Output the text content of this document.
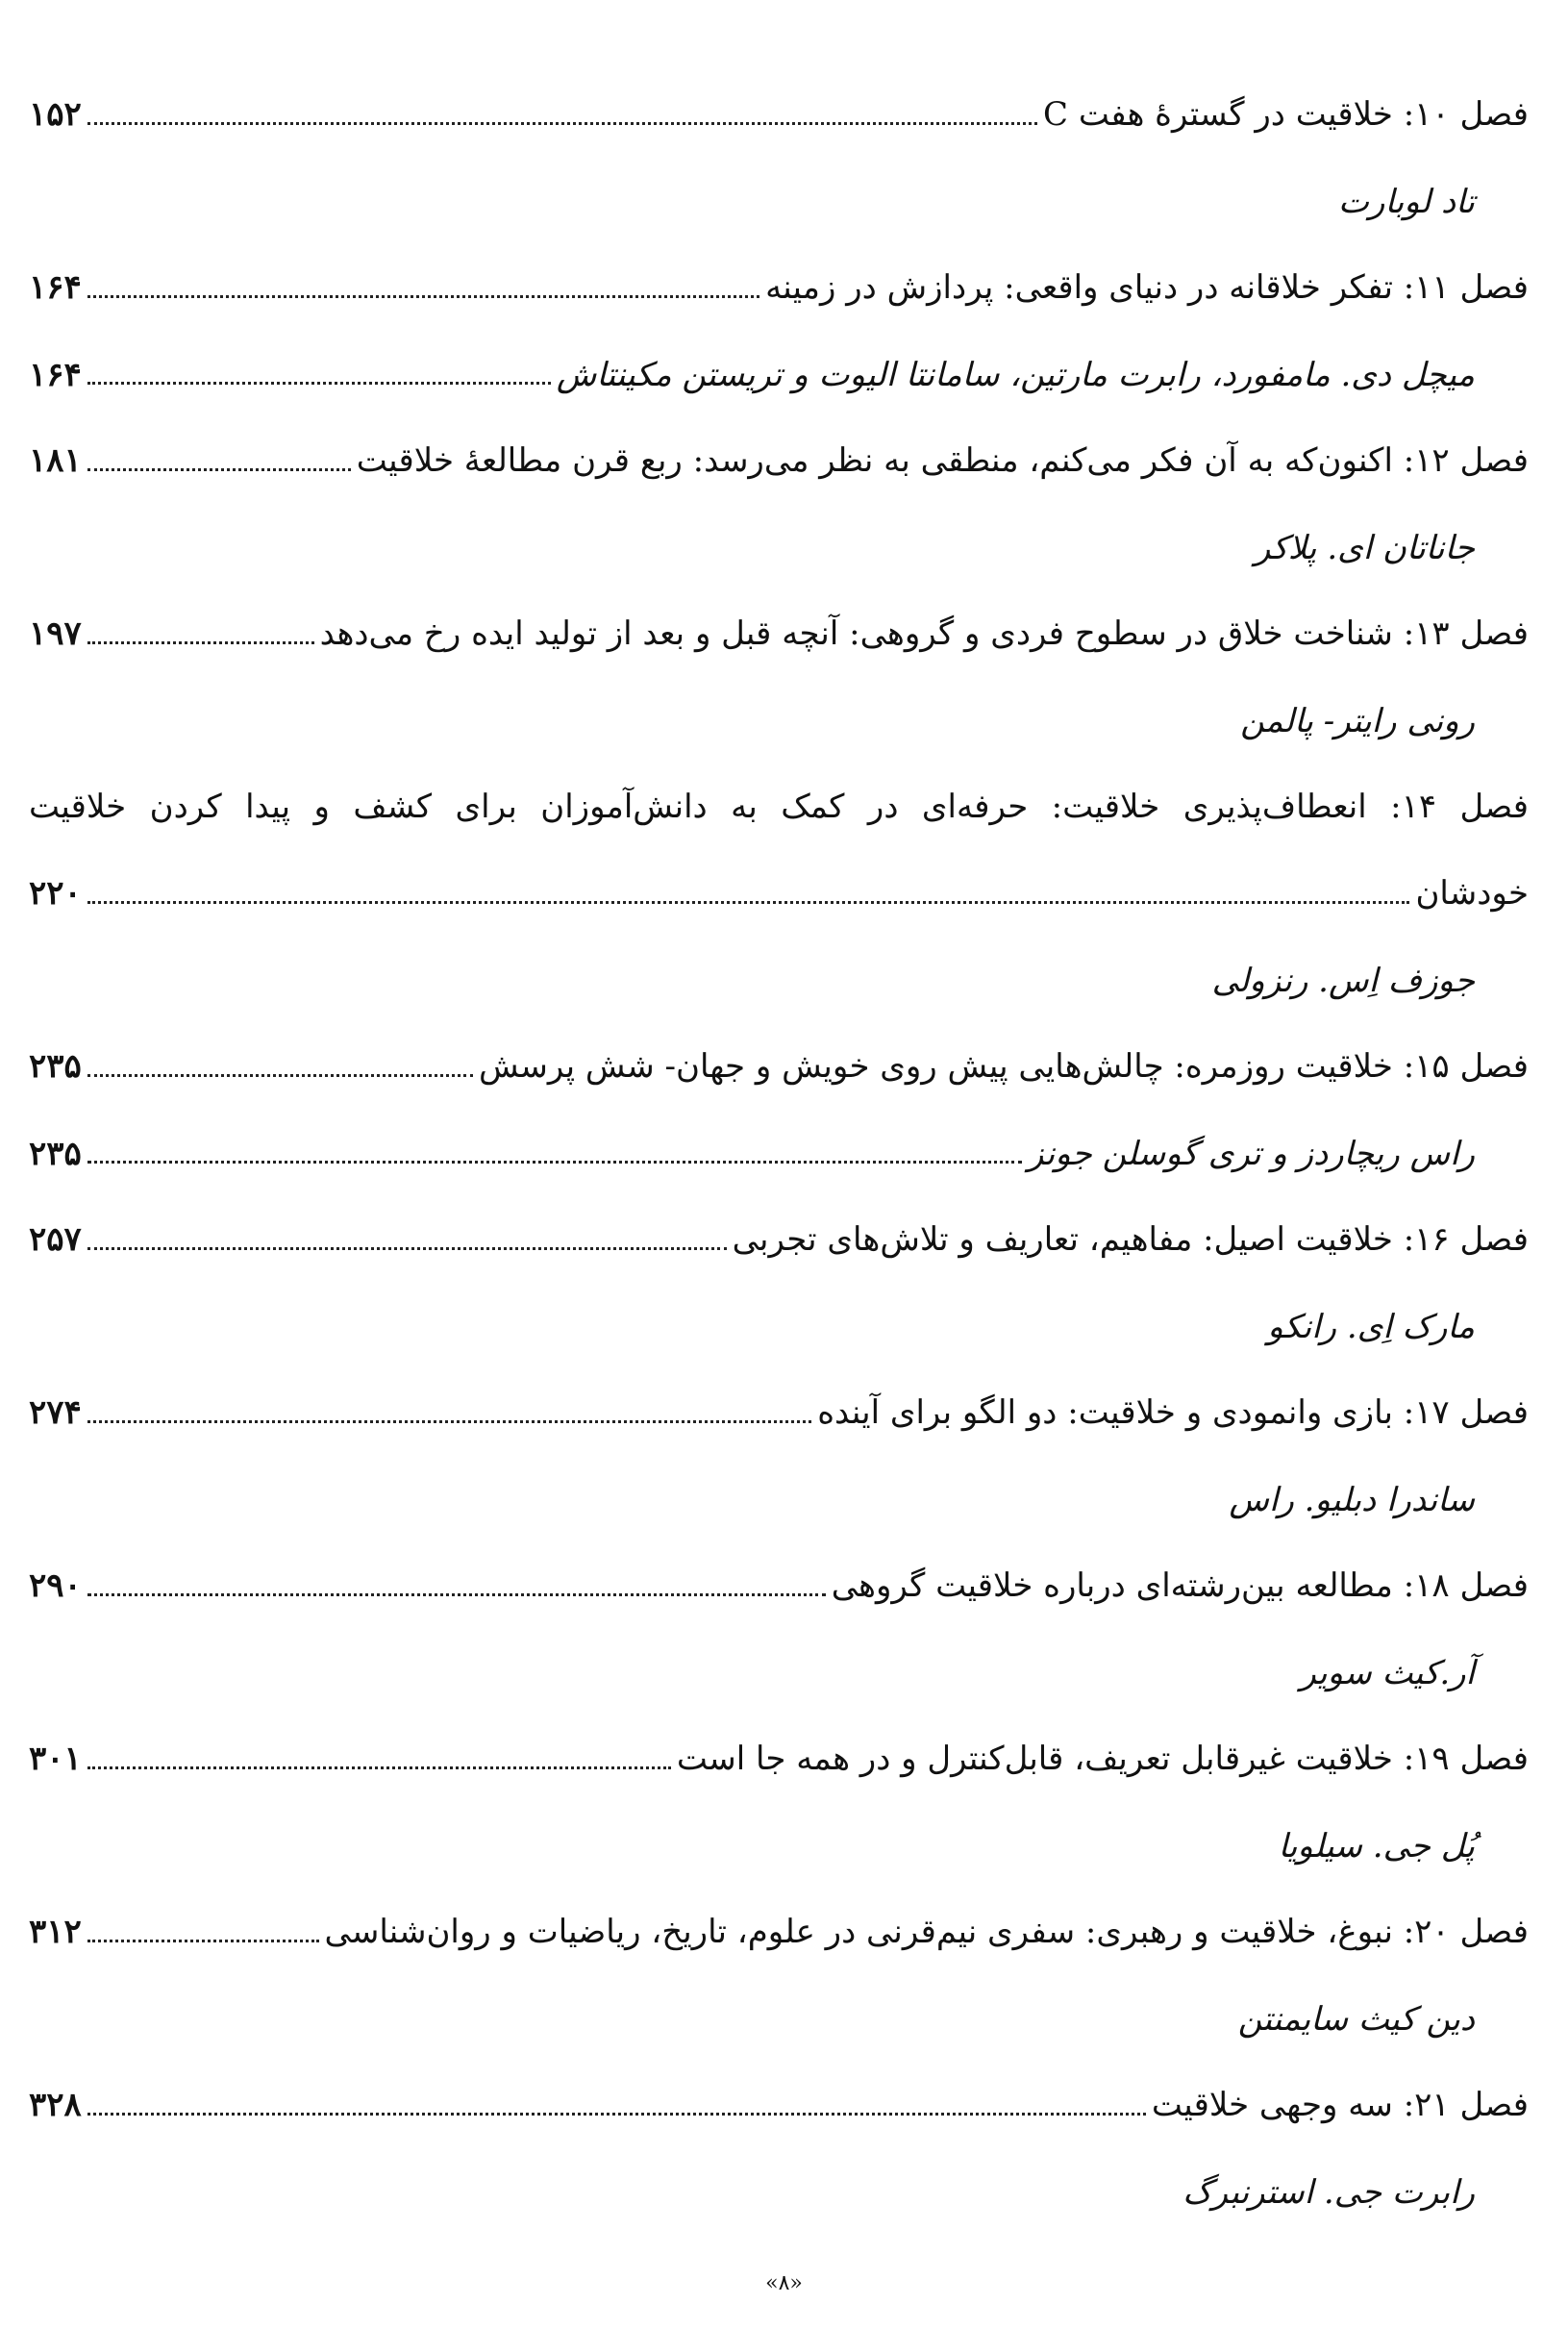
فصل ۱۰: خلاقیت در گسترهٔ هفت C
۱۵۲
تاد لوبارت
فصل ۱۱: تفکر خلاقانه در دنیای واقعی: پردازش در زمینه
۱۶۴
میچل دی. مامفورد، رابرت مارتین، سامانتا الیوت و تریستن مکینتاش
۱۶۴
فصل ۱۲: اکنون‌که به آن فکر می‌کنم، منطقی به نظر می‌رسد: ربع قرن مطالعهٔ خلاقیت
۱۸۱
جاناتان ای. پلاکر
فصل ۱۳: شناخت خلاق در سطوح فردی و گروهی: آنچه قبل و بعد از تولید ایده رخ می‌دهد
۱۹۷
رونی رایتر- پالمن
فصل ۱۴: انعطاف‌پذیری خلاقیت: حرفه‌ای در کمک به دانش‌آموزان برای کشف و پیدا کردن خلاقیت
خودشان
۲۲۰
جوزف اِس. رنزولی
فصل ۱۵: خلاقیت روزمره: چالش‌هایی پیش روی خویش و جهان- شش پرسش
۲۳۵
راس ریچاردز و تری گوسلن جونز
۲۳۵
فصل ۱۶: خلاقیت اصیل: مفاهیم، تعاریف و تلاش‌های تجربی
۲۵۷
مارک اِی. رانکو
فصل ۱۷: بازی وانمودی و خلاقیت: دو الگو برای آینده
۲۷۴
ساندرا دبلیو. راس
فصل ۱۸: مطالعه بین‌رشته‌ای درباره خلاقیت گروهی
۲۹۰
آر.کیث سویر
فصل ۱۹: خلاقیت غیرقابل تعریف، قابل‌کنترل و در همه جا است
۳۰۱
پُل جی. سیلویا
فصل ۲۰: نبوغ، خلاقیت و رهبری: سفری نیم‌قرنی در علوم، تاریخ، ریاضیات و روان‌شناسی
۳۱۲
دین کیث سایمنتن
فصل ۲۱: سه وجهی خلاقیت
۳۲۸
رابرت جی. استرنبرگ
«۸»
